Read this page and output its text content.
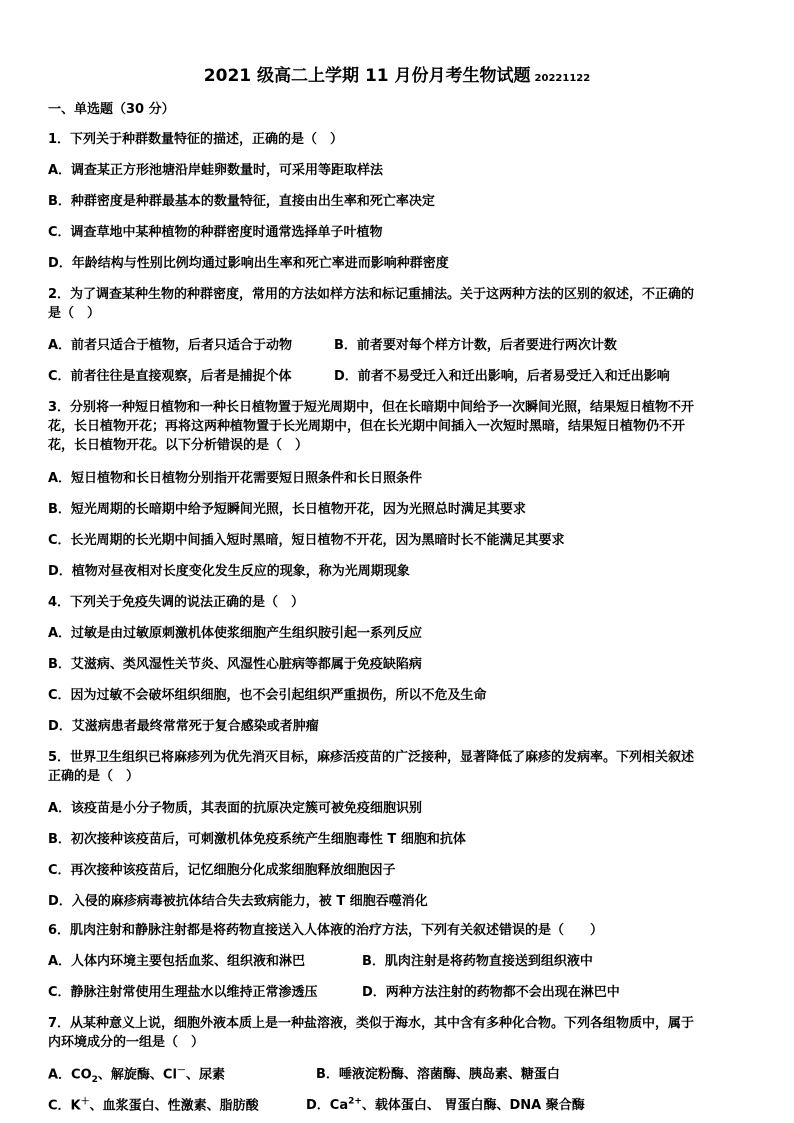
2021 级高二上学期 11 月份月考生物试题 20221122
一、单选题（30 分）
1．下列关于种群数量特征的描述，正确的是（　）
A．调查某正方形池塘沿岸蛙卵数量时，可采用等距取样法
B．种群密度是种群最基本的数量特征，直接由出生率和死亡率决定
C．调查草地中某种植物的种群密度时通常选择单子叶植物
D．年龄结构与性别比例均通过影响出生率和死亡率进而影响种群密度
2．为了调查某种生物的种群密度，常用的方法如样方法和标记重捕法。关于这两种方法的区别的叙述，不正确的
是（　）
A．前者只适合于植物，后者只适合于动物	B．前者要对每个样方计数，后者要进行两次计数
C．前者往往是直接观察，后者是捕捉个体	D．前者不易受迁入和迁出影响，后者易受迁入和迁出影响
3．分别将一种短日植物和一种长日植物置于短光周期中，但在长暗期中间给予一次瞬间光照，结果短日植物不开
花，长日植物开花；再将这两种植物置于长光周期中，但在长光期中间插入一次短时黑暗，结果短日植物仍不开
花，长日植物开花。以下分析错误的是（　）
A．短日植物和长日植物分别指开花需要短日照条件和长日照条件
B．短光周期的长暗期中给予短瞬间光照，长日植物开花，因为光照总时满足其要求
C．长光周期的长光期中间插入短时黑暗，短日植物不开花，因为黑暗时长不能满足其要求
D．植物对昼夜相对长度变化发生反应的现象，称为光周期现象
4．下列关于免疫失调的说法正确的是（　）
A．过敏是由过敏原刺激机体使浆细胞产生组织胺引起一系列反应
B．艾滋病、类风湿性关节炎、风湿性心脏病等都属于免疫缺陷病
C．因为过敏不会破坏组织细胞，也不会引起组织严重损伤，所以不危及生命
D．艾滋病患者最终常常死于复合感染或者肿瘤
5．世界卫生组织已将麻疹列为优先消灭目标，麻疹活疫苗的广泛接种，显著降低了麻疹的发病率。下列相关叙述
正确的是（　）
A．该疫苗是小分子物质，其表面的抗原决定簇可被免疫细胞识别
B．初次接种该疫苗后，可刺激机体免疫系统产生细胞毒性 T 细胞和抗体
C．再次接种该疫苗后，记忆细胞分化成浆细胞释放细胞因子
D．入侵的麻疹病毒被抗体结合失去致病能力，被 T 细胞吞噬消化
6．肌肉注射和静脉注射都是将药物直接送入人体液的治疗方法，下列有关叙述错误的是（　　）
A．人体内环境主要包括血浆、组织液和淋巴	B．肌肉注射是将药物直接送到组织液中
C．静脉注射常使用生理盐水以维持正常渗透压	D．两种方法注射的药物都不会出现在淋巴中
7．从某种意义上说，细胞外液本质上是一种盐溶液，类似于海水，其中含有多种化合物。下列各组物质中，属于
内环境成分的一组是（　）
A．$CO_2$、解旋酶、Cl－、尿素	B．唾液淀粉酶、溶菌酶、胰岛素、糖蛋白
C．K＋、血浆蛋白、性激素、脂肪酸	D．$Ca^{2+}$、载体蛋白、 胃蛋白酶、DNA 聚合酶
